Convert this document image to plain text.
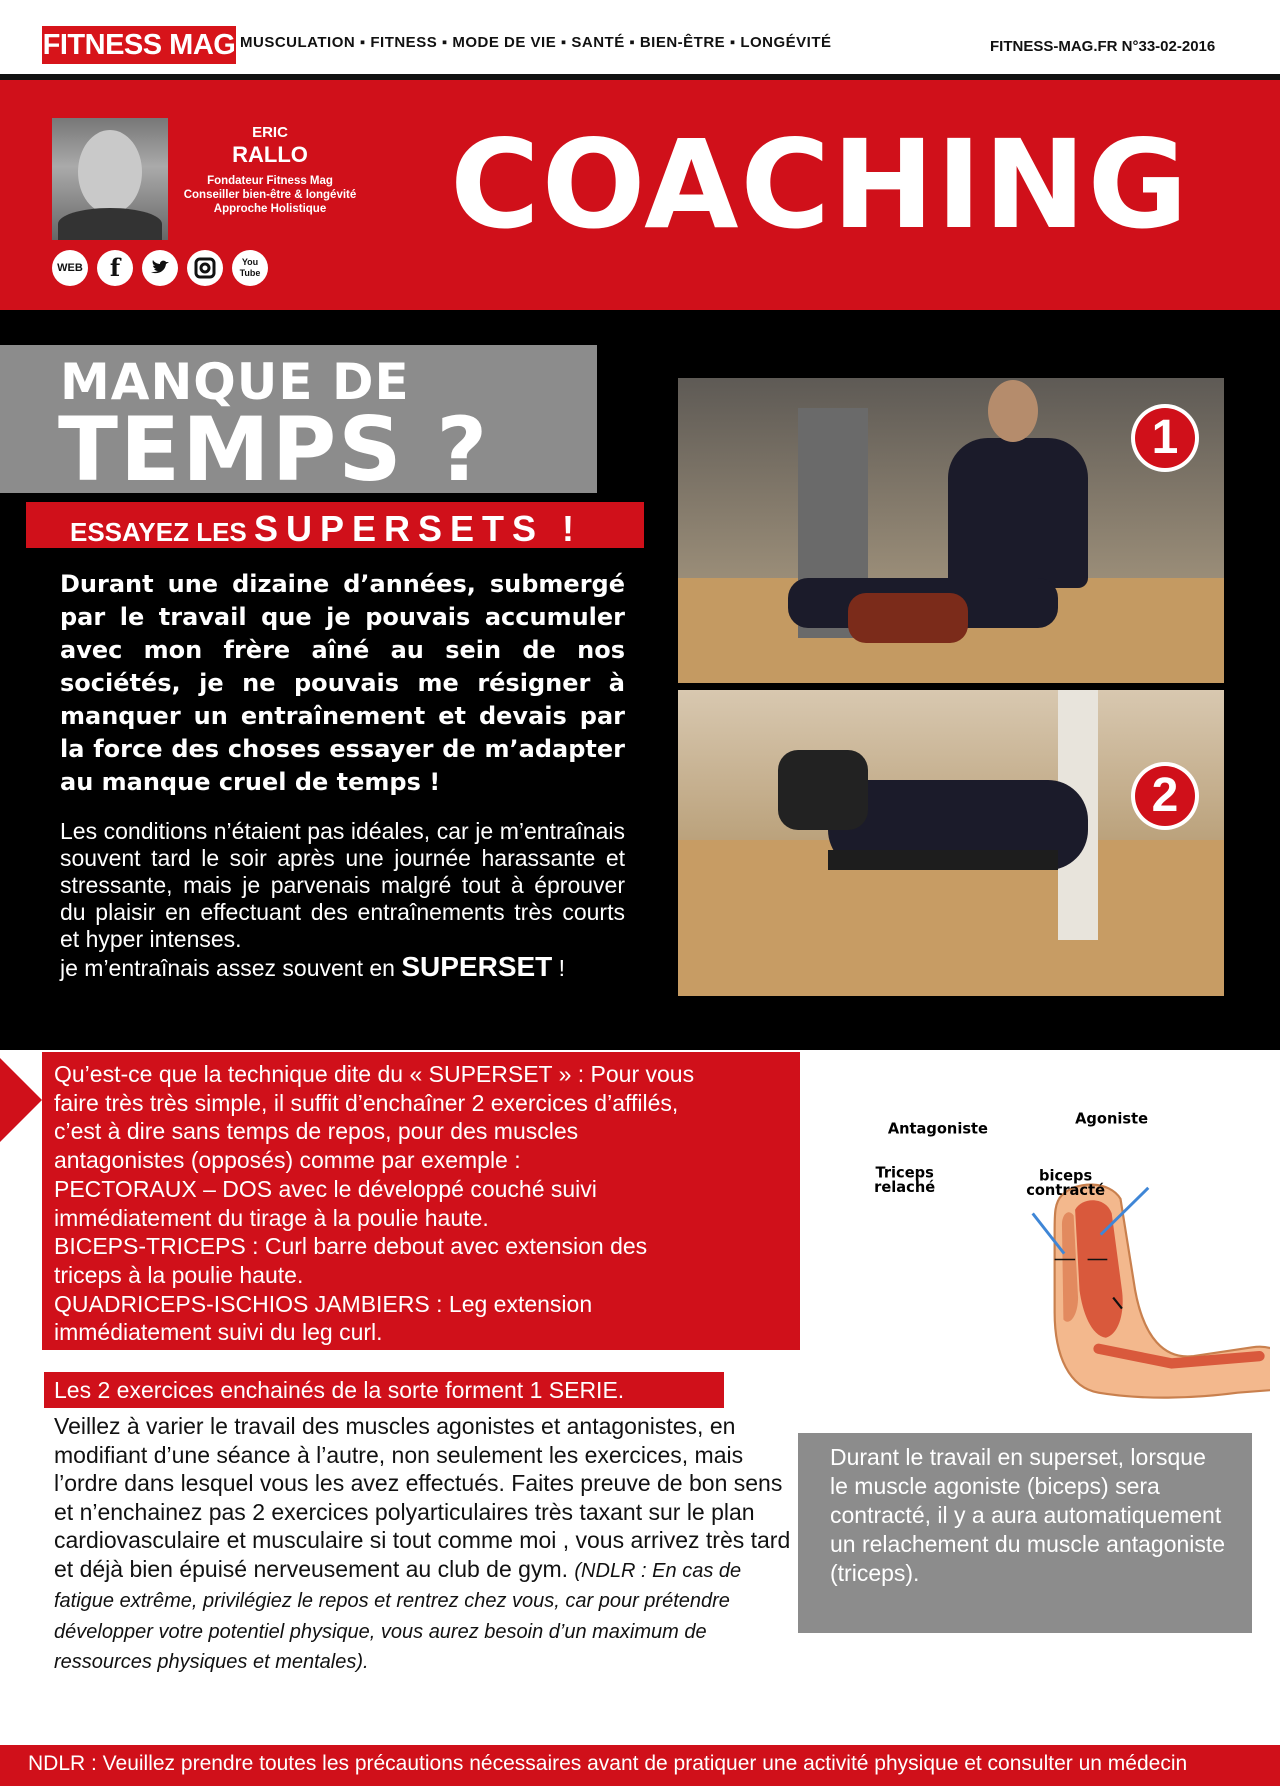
FITNESS MAG MUSCULATION ▪ FITNESS ▪ MODE DE VIE ▪ SANTÉ ▪ BIEN-ÊTRE ▪ LONGÉVITÉ	FITNESS-MAG.FR N°33-02-2016
ERIC
RALLO
Fondateur Fitness Mag
Conseiller bien-être & longévité
Approche Holistique
WEB	f	You Tube
COACHING
MANQUE DE
TEMPS ?
ESSAYEZ LES SUPERSETS !
Durant une dizaine d’années, submergé par le travail que je pouvais accumuler avec mon frère aîné au sein de nos sociétés, je ne pouvais me résigner à manquer un entraînement et devais par la force des choses essayer de m’adapter au manque cruel de temps !
Les conditions n’étaient pas idéales, car je m’entraînais souvent tard le soir après une journée harassante et stressante, mais je parvenais malgré tout à éprouver du plaisir en effectuant des entraînements très courts et hyper intenses.
je m’entraînais assez souvent en SUPERSET !
1
2
Qu’est-ce que la technique dite du « SUPERSET » : Pour vous
faire très très simple, il suffit d’enchaîner 2 exercices d’affilés,
c’est à dire sans temps de repos, pour des muscles
antagonistes (opposés) comme par exemple :
PECTORAUX – DOS avec le développé couché suivi
immédiatement du tirage à la poulie haute.
BICEPS-TRICEPS : Curl barre debout avec extension des
triceps à la poulie haute.
QUADRICEPS-ISCHIOS JAMBIERS : Leg extension
immédiatement suivi du leg curl.
Les 2 exercices enchainés de la sorte forment 1 SERIE.
Veillez à varier le travail des muscles agonistes et antagonistes, en modifiant d’une séance à l’autre, non seulement les exercices, mais l’ordre dans lesquel vous les avez effectués. Faites preuve de bon sens et n’enchainez pas 2 exercices polyarticulaires très taxant sur le plan cardiovasculaire et musculaire si tout comme moi , vous arrivez très tard et déjà bien épuisé nerveusement au club de gym. (NDLR : En cas de fatigue extrême, privilégiez le repos et rentrez chez vous, car pour prétendre développer votre potentiel physique, vous aurez besoin d’un maximum de ressources physiques et mentales).
Antagoniste
Triceps
relaché
Agoniste
biceps
contracté
Durant le travail en superset, lorsque le muscle agoniste (biceps) sera contracté, il y a aura automatiquement un relachement du muscle antagoniste (triceps).
NDLR : Veuillez prendre toutes les précautions nécessaires avant de pratiquer une activité physique et consulter un médecin
